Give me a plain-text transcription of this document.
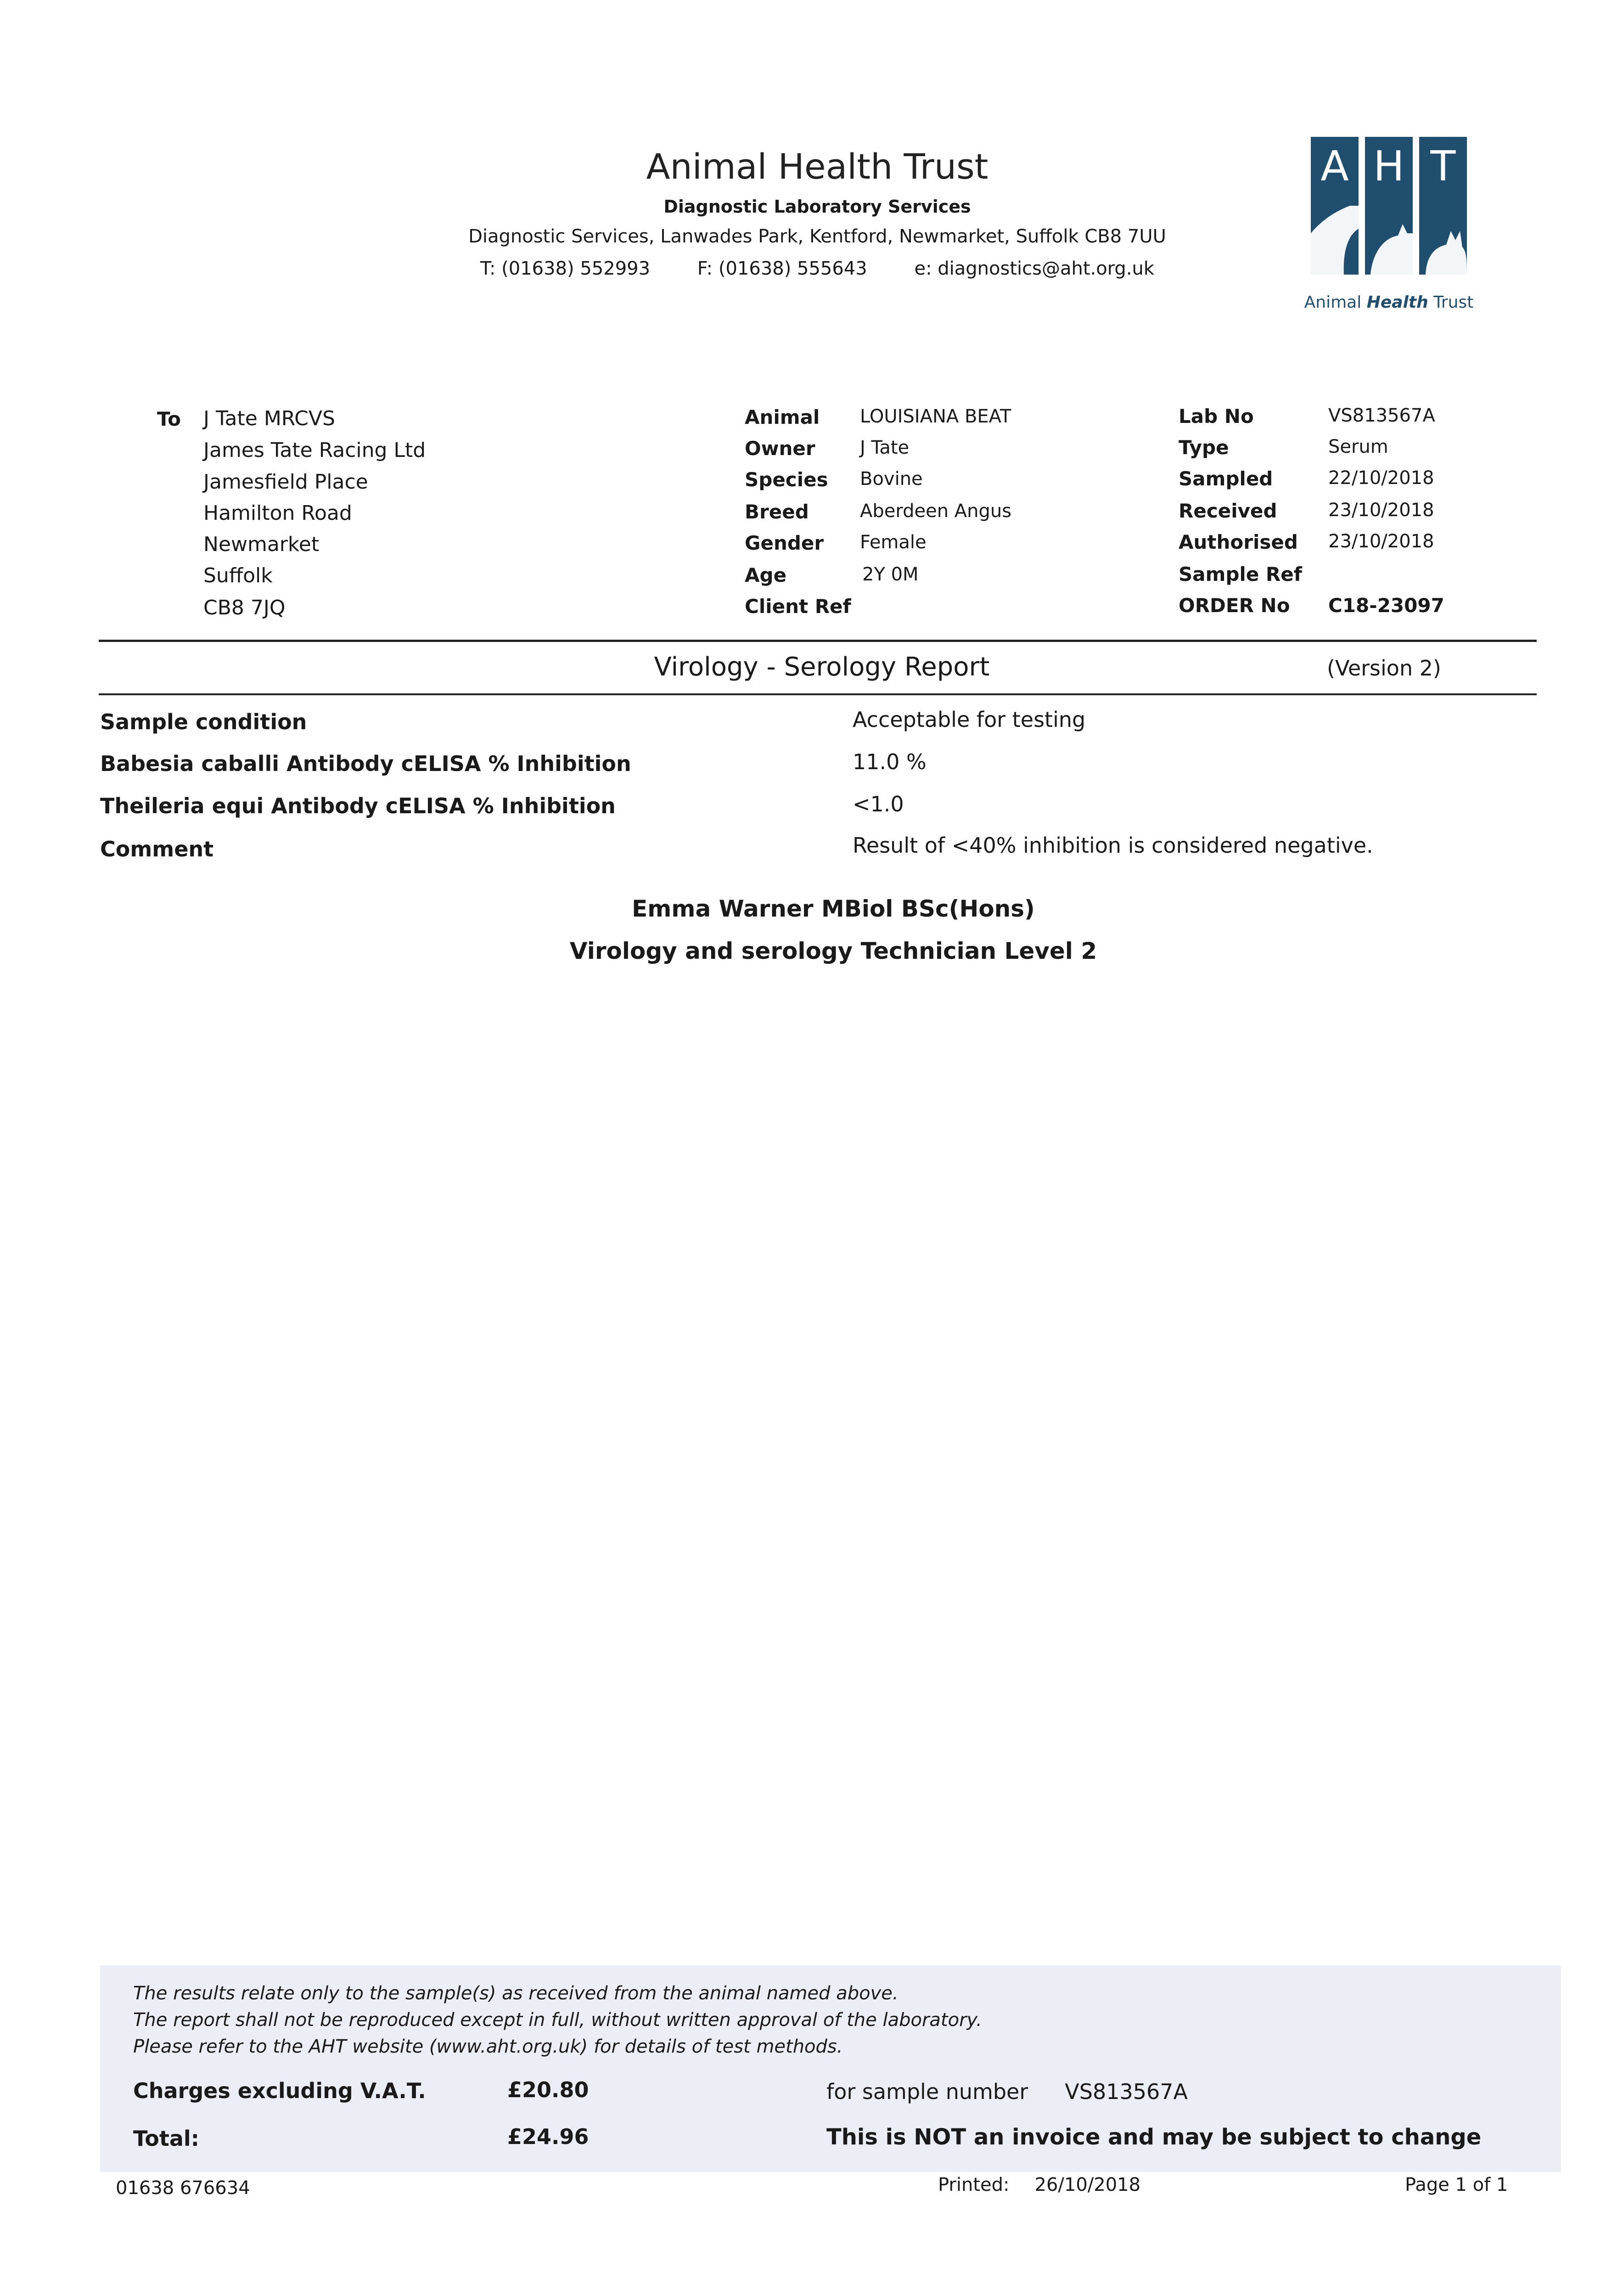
Animal Health Trust
Diagnostic Laboratory Services
Diagnostic Services, Lanwades Park, Kentford, Newmarket, Suffolk CB8 7UU
T: (01638) 552993	F: (01638) 555643	e: diagnostics@aht.org.uk
A H T
Animal Health Trust
To J Tate MRCVS
James Tate Racing Ltd
Jamesfield Place
Hamilton Road
Newmarket
Suffolk
CB8 7JQ
Animal LOUISIANA BEAT
Owner J Tate
Species Bovine
Breed	Aberdeen Angus
Gender Female
Age	2Y 0M
Client Ref
Lab No	VS813567A
Type	Serum
Sampled	22/10/2018
Received	23/10/2018
Authorised 23/10/2018
Sample Ref
ORDER No C18-23097
Virology - Serology Report	(Version 2)
Sample condition	Acceptable for testing
Babesia caballi Antibody cELISA % Inhibition	11.0 %
Theileria equi Antibody cELISA % Inhibition	<1.0
Comment	Result of <40% inhibition is considered negative.
Emma Warner MBiol BSc(Hons)
Virology and serology Technician Level 2
The results relate only to the sample(s) as received from the animal named above.
The report shall not be reproduced except in full, without written approval of the laboratory.
Please refer to the AHT website (www.aht.org.uk) for details of test methods.
Charges excluding V.A.T.	£20.80	for sample number VS813567A
Total:	£24.96	This is NOT an invoice and may be subject to change
01638 676634	Printed: 26/10/2018	Page 1 of 1
